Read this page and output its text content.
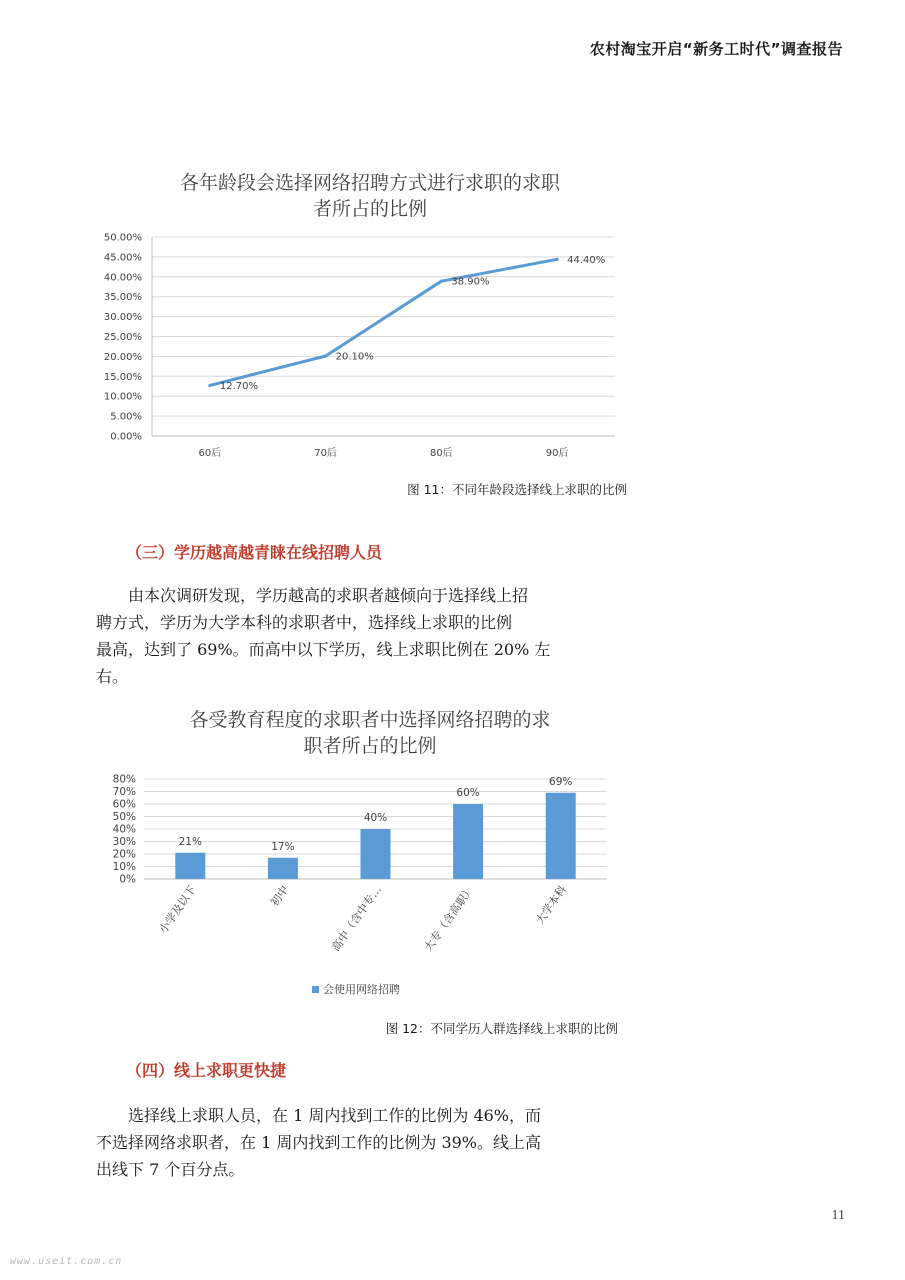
农村淘宝开启“新务工时代”调查报告
各年龄段会选择网络招聘方式进行求职的求职
者所占的比例
0.00%
5.00%
10.00%
15.00%
20.00%
25.00%
30.00%
35.00%
40.00%
45.00%
50.00%
60后	70后	80后	90后
12.70%
20.10%
38.90%
44.40%
图 11：不同年龄段选择线上求职的比例
（三）学历越高越青睐在线招聘人员
由本次调研发现，学历越高的求职者越倾向于选择线上招
聘方式，学历为大学本科的求职者中，选择线上求职的比例
最高，达到了 69%。而高中以下学历，线上求职比例在 20% 左
右。
各受教育程度的求职者中选择网络招聘的求
职者所占的比例
0%
10%
20%
30%
40%
50%
60%
70%
80%
21%	17%
40%
60%
69%
小学及以下	初中	高中（含中专…	大专（含高职）	大学本科
会使用网络招聘
图 12：不同学历人群选择线上求职的比例
（四）线上求职更快捷
选择线上求职人员，在 1 周内找到工作的比例为 46%，而
不选择网络求职者，在 1 周内找到工作的比例为 39%。线上高
出线下 7 个百分点。
11
www.useit.com.cn
